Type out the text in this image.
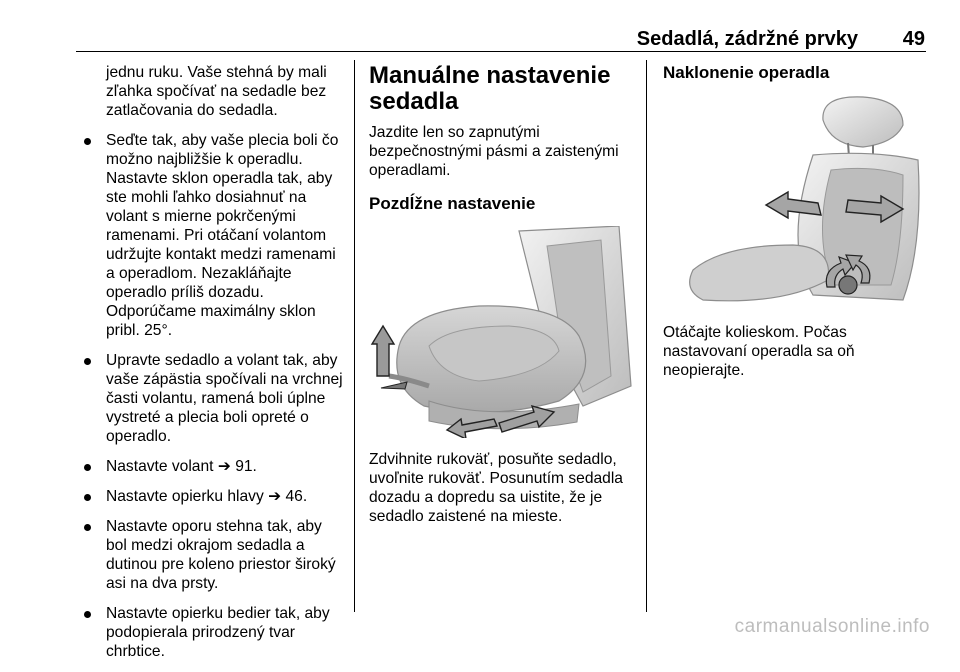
Sedadlá, zádržné prvky 49
jednu ruku. Vaše stehná by mali zľahka spočívať na sedadle bez zatlačovania do sedadla.
Seďte tak, aby vaše plecia boli čo možno najbližšie k operadlu. Nastavte sklon operadla tak, aby ste mohli ľahko dosiahnuť na volant s mierne pokrčenými ramenami. Pri otáčaní volantom udržujte kontakt medzi ramenami a operadlom. Nezakláňajte operadlo príliš dozadu. Odporúčame maximálny sklon pribl. 25°.
Upravte sedadlo a volant tak, aby vaše zápästia spočívali na vrchnej časti volantu, ramená boli úplne vystreté a plecia boli opreté o operadlo.
Nastavte volant ➔ 91.
Nastavte opierku hlavy ➔ 46.
Nastavte oporu stehna tak, aby bol medzi okrajom sedadla a dutinou pre koleno priestor široký asi na dva prsty.
Nastavte opierku bedier tak, aby podopierala prirodzený tvar chrbtice.
Manuálne nastavenie sedadla

Jazdite len so zapnutými bezpečnostnými pásmi a zaistenými operadlami.

Pozdĺžne nastavenie

Zdvihnite rukoväť, posuňte sedadlo, uvoľnite rukoväť. Posunutím sedadla dozadu a dopredu sa uistite, že je sedadlo zaistené na mieste.

Naklonenie operadla

Otáčajte kolieskom. Počas nastavovaní operadla sa oň neopierajte.

carmanualsonline.info
